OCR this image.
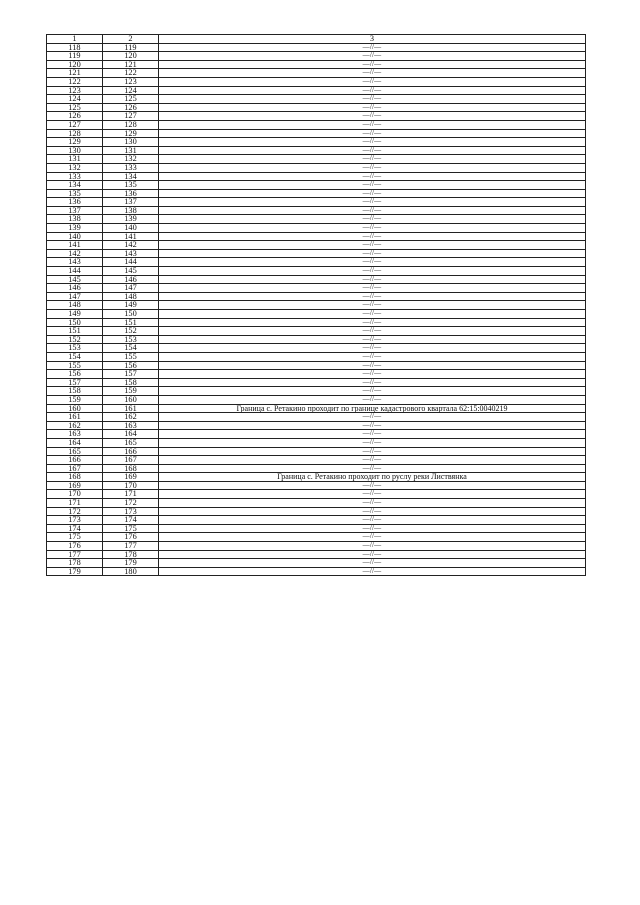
1	2	3
118	119	—//—
119	120	—//—
120	121	—//—
121	122	—//—
122	123	—//—
123	124	—//—
124	125	—//—
125	126	—//—
126	127	—//—
127	128	—//—
128	129	—//—
129	130	—//—
130	131	—//—
131	132	—//—
132	133	—//—
133	134	—//—
134	135	—//—
135	136	—//—
136	137	—//—
137	138	—//—
138	139	—//—
139	140	—//—
140	141	—//—
141	142	—//—
142	143	—//—
143	144	—//—
144	145	—//—
145	146	—//—
146	147	—//—
147	148	—//—
148	149	—//—
149	150	—//—
150	151	—//—
151	152	—//—
152	153	—//—
153	154	—//—
154	155	—//—
155	156	—//—
156	157	—//—
157	158	—//—
158	159	—//—
159	160	—//—
160	161	Граница с. Ретакино проходит по границе кадастрового квартала 62:15:0040219
161	162	—//—
162	163	—//—
163	164	—//—
164	165	—//—
165	166	—//—
166	167	—//—
167	168	—//—
168	169	Граница с. Ретакино проходит по руслу реки Листвянка
169	170	—//—
170	171	—//—
171	172	—//—
172	173	—//—
173	174	—//—
174	175	—//—
175	176	—//—
176	177	—//—
177	178	—//—
178	179	—//—
179	180	—//—
